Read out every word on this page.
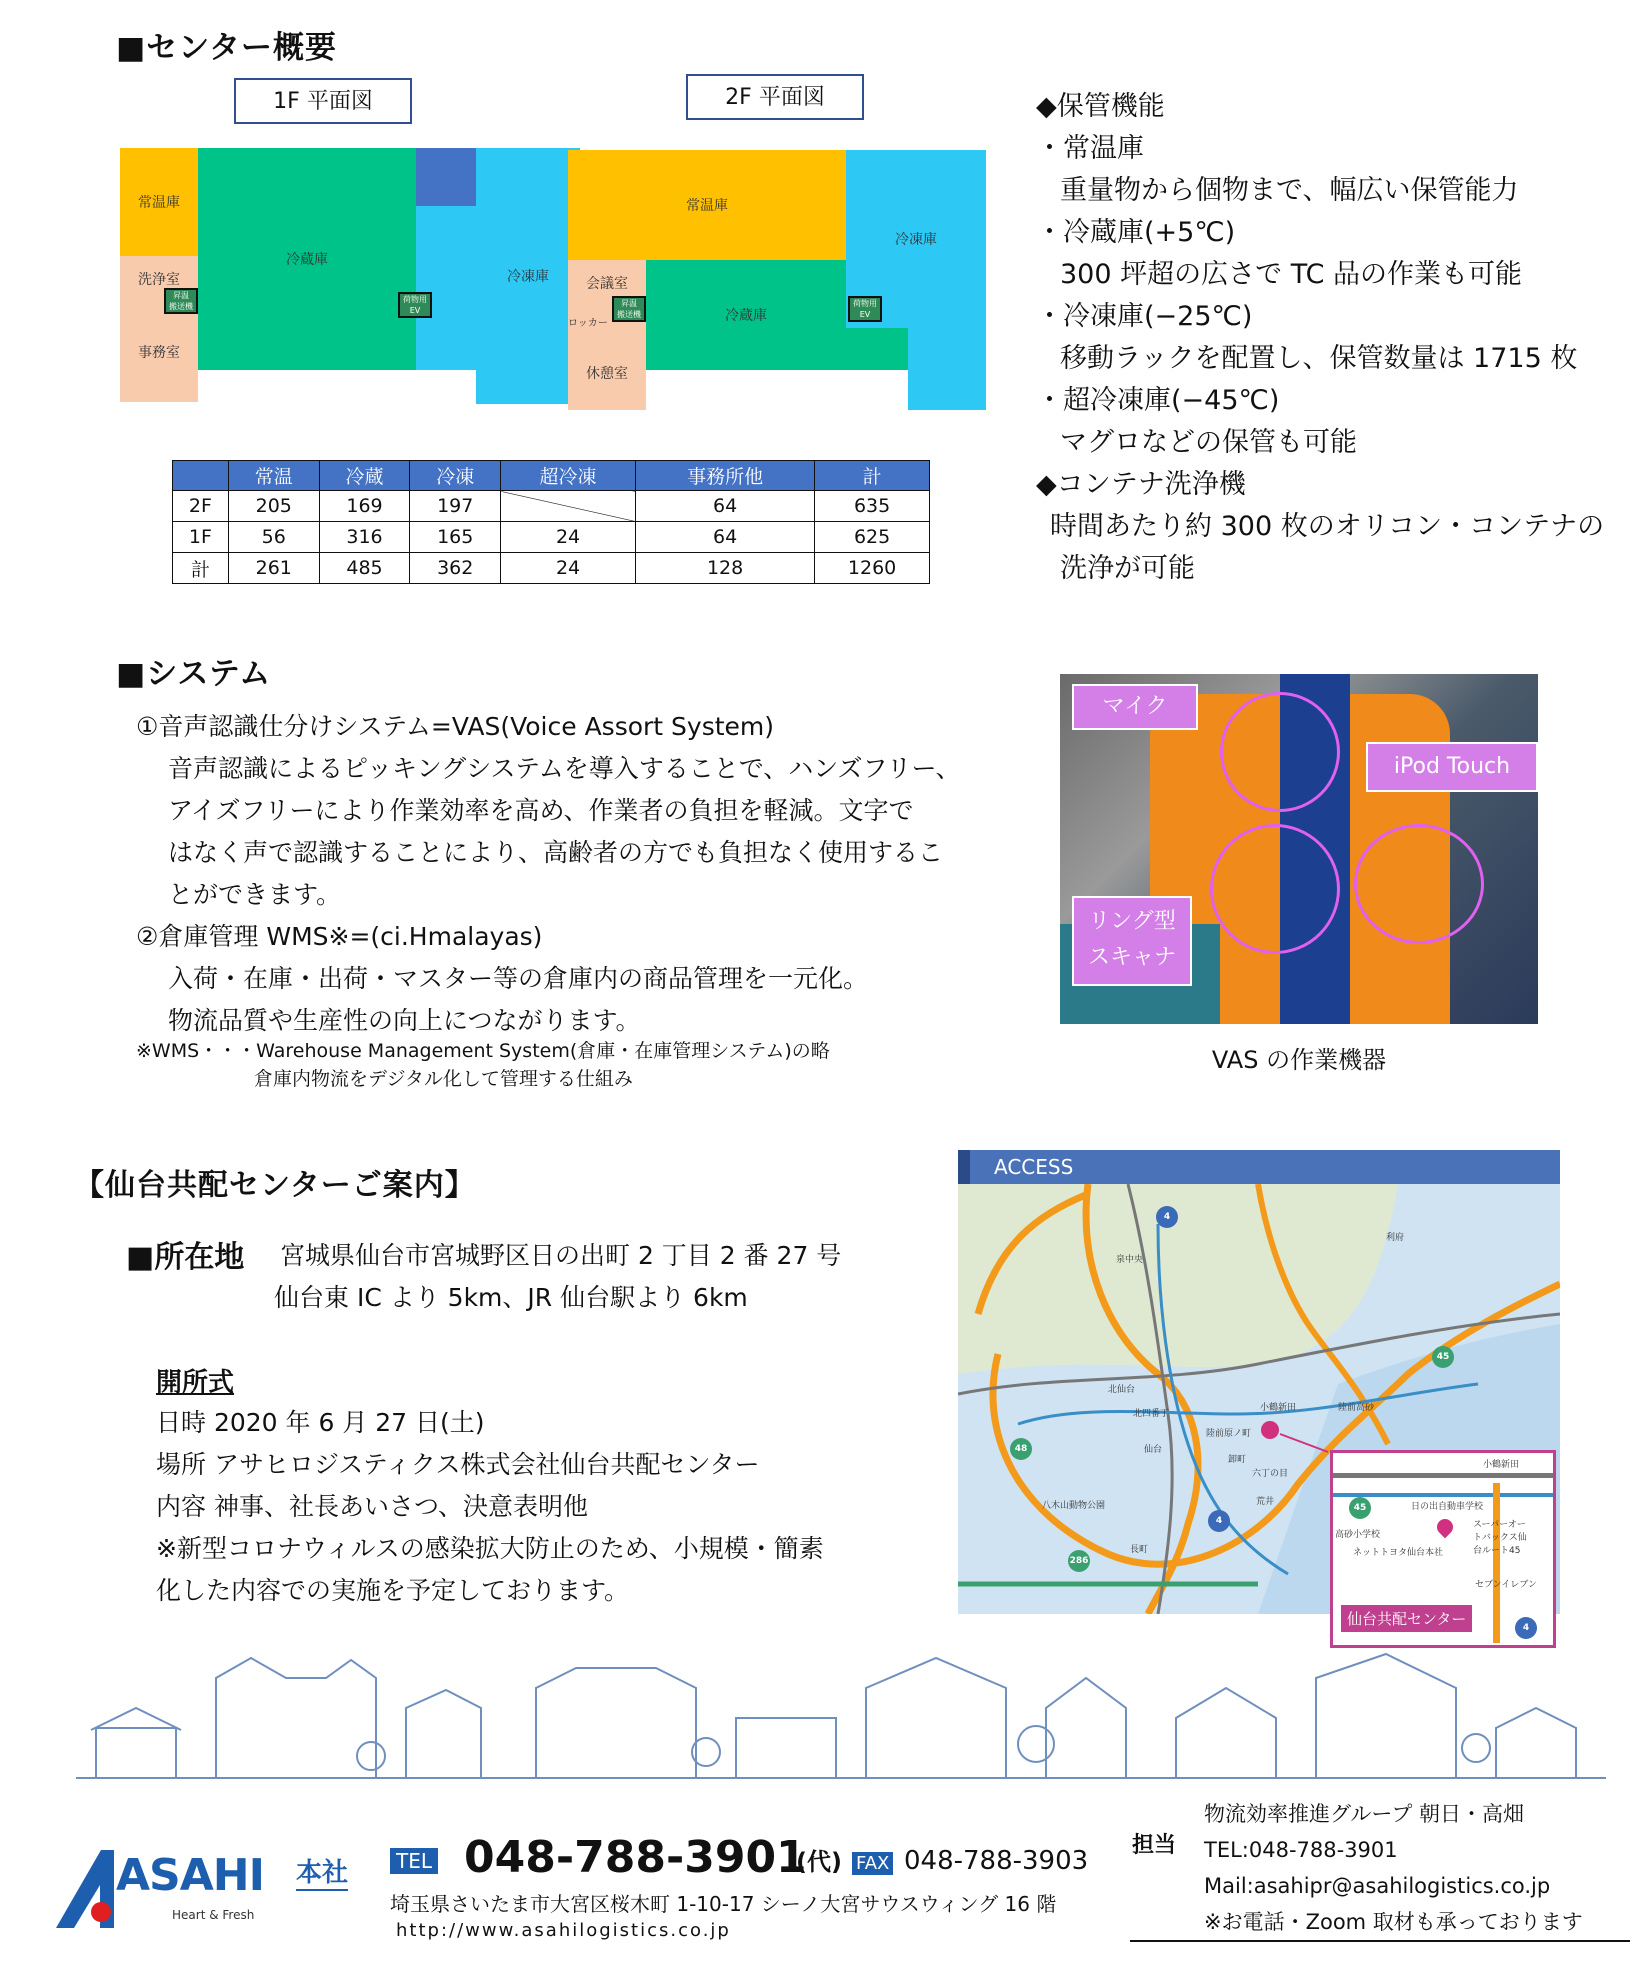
■センター概要
1F 平面図	2F 平面図
常温庫
冷蔵庫
冷凍庫
洗浄室
事務室
昇温
搬送機
荷物用
EV
常温庫
冷凍庫
冷蔵庫
会議室
ロッカー
休憩室
昇温
搬送機
荷物用
EV
	常温	冷蔵	冷凍	超冷凍	事務所他	計
2F	205	169	197		64	635
1F	56	316	165	24	64	625
計	261	485	362	24	128	1260
◆保管機能
・常温庫
重量物から個物まで、幅広い保管能力
・冷蔵庫(+5℃)
300 坪超の広さで TC 品の作業も可能
・冷凍庫(−25℃)
移動ラックを配置し、保管数量は 1715 枚
・超冷凍庫(−45℃)
マグロなどの保管も可能
◆コンテナ洗浄機
時間あたり約 300 枚のオリコン・コンテナの
洗浄が可能
■システム
①音声認識仕分けシステム=VAS(Voice Assort System)
音声認識によるピッキングシステムを導入することで、ハンズフリー、
アイズフリーにより作業効率を高め、作業者の負担を軽減。文字で
はなく声で認識することにより、高齢者の方でも負担なく使用するこ
とができます。
②倉庫管理 WMS※=(ci.Hmalayas)
入荷・在庫・出荷・マスター等の倉庫内の商品管理を一元化。
物流品質や生産性の向上につながります。
※WMS・・・Warehouse Management System(倉庫・在庫管理システム)の略
倉庫内物流をデジタル化して管理する仕組み
マイク
iPod Touch
リング型
スキャナ
VAS の作業機器
【仙台共配センターご案内】
■所在地 宮城県仙台市宮城野区日の出町 2 丁目 2 番 27 号
仙台東 IC より 5km、JR 仙台駅より 6km
開所式
日時 2020 年 6 月 27 日(土)
場所 アサヒロジスティクス株式会社仙台共配センター
内容 神事、社長あいさつ、決意表明他
※新型コロナウィルスの感染拡大防止のため、小規模・簡素
化した内容での実施を予定しております。
ACCESS
4
45
48
286
4
泉中央
北仙台
北四番丁
仙台
陸前原ノ町
小鶴新田
六丁の目
卸町
長町
八木山動物公園	荒井
陸前高砂
利府
小鶴新田
日の出自動車学校
高砂小学校
ネットトヨタ仙台本社
スーパーオートバックス仙台ルート45
セブンイレブン
45
4
仙台共配センター
ASAHI
Heart & Fresh
本社	TEL 048-788-3901
(代) FAX 048-788-3903
埼玉県さいたま市大宮区桜木町 1-10-17 シーノ大宮サウスウィング 16 階
http://www.asahilogistics.co.jp
担当
物流効率推進グループ 朝日・高畑
TEL:048-788-3901
Mail:asahipr@asahilogistics.co.jp
※お電話・Zoom 取材も承っております
